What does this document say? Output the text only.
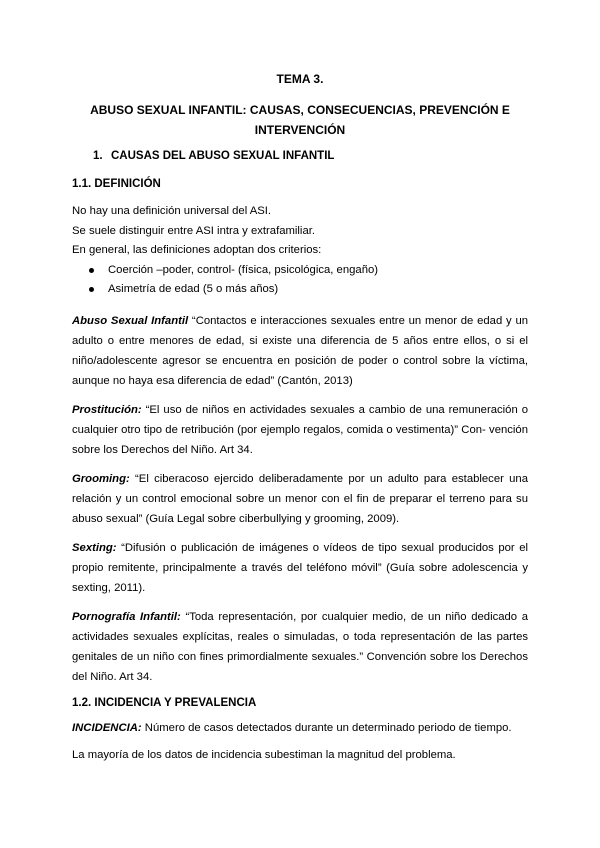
TEMA 3.

ABUSO SEXUAL INFANTIL: CAUSAS, CONSECUENCIAS, PREVENCIÓN E INTERVENCIÓN

1. CAUSAS DEL ABUSO SEXUAL INFANTIL

1.1. DEFINICIÓN

No hay una definición universal del ASI.

Se suele distinguir entre ASI intra y extrafamiliar.

En general, las definiciones adoptan dos criterios:

Coerción –poder, control- (física, psicológica, engaño)
Asimetría de edad (5 o más años)

Abuso Sexual Infantil “Contactos e interacciones sexuales entre un menor de edad y un adulto o entre menores de edad, si existe una diferencia de 5 años entre ellos, o si el niño/adolescente agresor se encuentra en posición de poder o control sobre la víctima, aunque no haya esa diferencia de edad” (Cantón, 2013)

Prostitución: “El uso de niños en actividades sexuales a cambio de una remuneración o cualquier otro tipo de retribución (por ejemplo regalos, comida o vestimenta)” Con- vención sobre los Derechos del Niño. Art 34.

Grooming: “El ciberacoso ejercido deliberadamente por un adulto para establecer una relación y un control emocional sobre un menor con el fin de preparar el terreno para su abuso sexual” (Guía Legal sobre ciberbullying y grooming, 2009).

Sexting: “Difusión o publicación de imágenes o vídeos de tipo sexual producidos por el propio remitente, principalmente a través del teléfono móvil” (Guía sobre adolescencia y sexting, 2011).

Pornografía Infantil: “Toda representación, por cualquier medio, de un niño dedicado a actividades sexuales explícitas, reales o simuladas, o toda representación de las partes genitales de un niño con fines primordialmente sexuales.” Convención sobre los Derechos del Niño. Art 34.

1.2. INCIDENCIA Y PREVALENCIA

INCIDENCIA: Número de casos detectados durante un determinado periodo de tiempo.

La mayoría de los datos de incidencia subestiman la magnitud del problema.
